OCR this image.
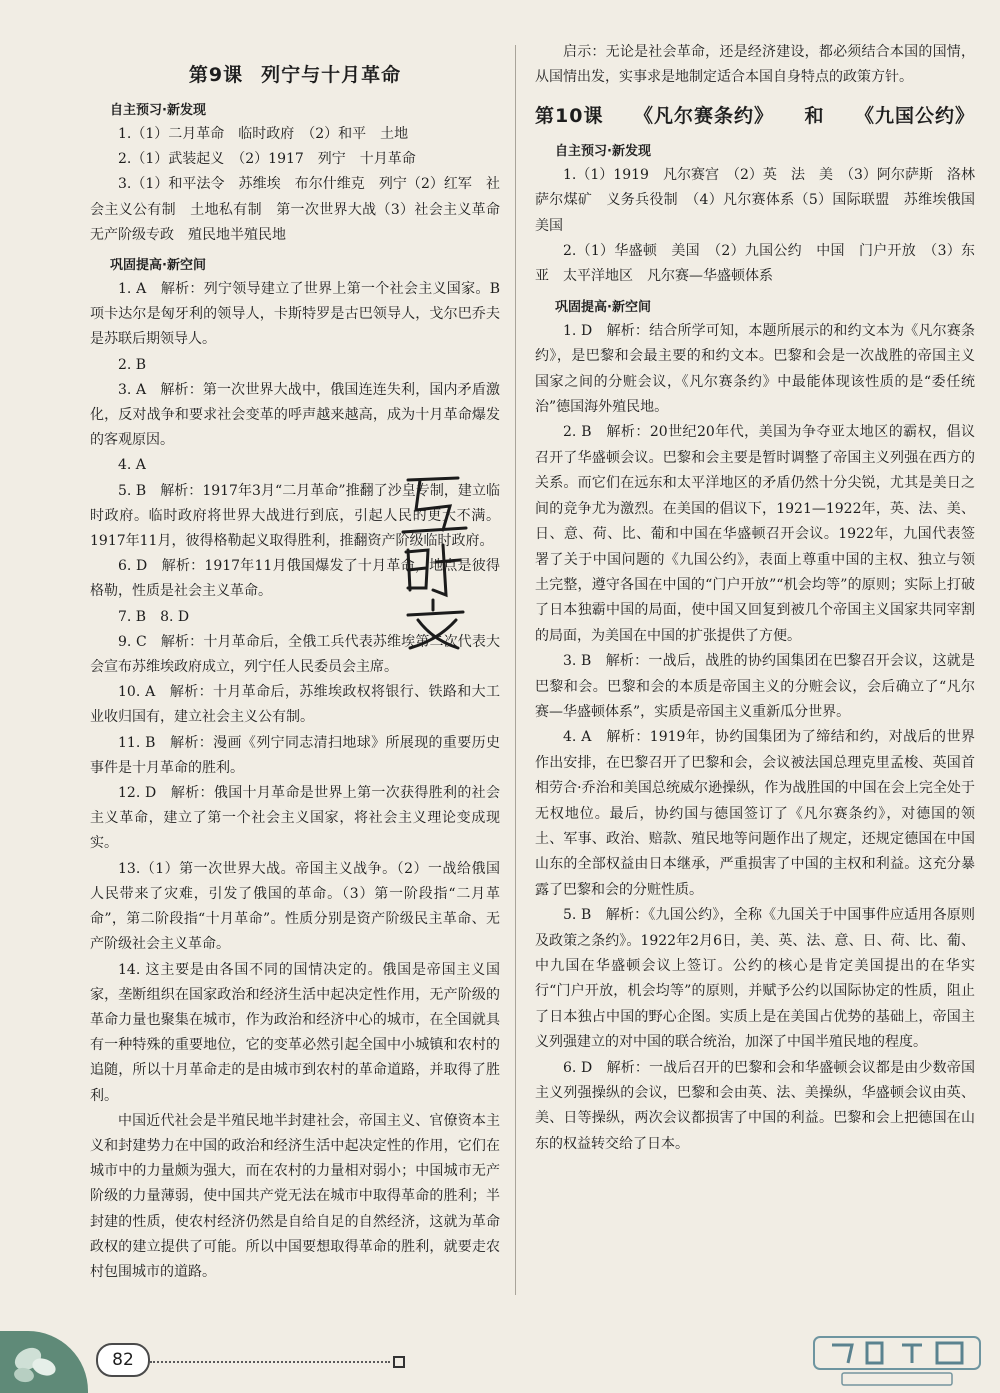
第9课 列宁与十月革命
自主预习·新发现

1.（1）二月革命　临时政府　（2）和平　土地

2.（1）武装起义　（2）1917　列宁　十月革命

3.（1）和平法令　苏维埃　布尔什维克　列宁（2）红军　社会主义公有制　土地私有制　第一次世界大战（3）社会主义革命　无产阶级专政　殖民地半殖民地

巩固提高·新空间

1. A　解析：列宁领导建立了世界上第一个社会主义国家。B项卡达尔是匈牙利的领导人，卡斯特罗是古巴领导人，戈尔巴乔夫是苏联后期领导人。

2. B

3. A　解析：第一次世界大战中，俄国连连失利，国内矛盾激化，反对战争和要求社会变革的呼声越来越高，成为十月革命爆发的客观原因。

4. A

5. B　解析：1917年3月“二月革命”推翻了沙皇专制，建立临时政府。临时政府将世界大战进行到底，引起人民的更大不满。1917年11月，彼得格勒起义取得胜利，推翻资产阶级临时政府。

6. D　解析：1917年11月俄国爆发了十月革命，地点是彼得格勒，性质是社会主义革命。

7. B　8. D

9. C　解析：十月革命后，全俄工兵代表苏维埃第二次代表大会宣布苏维埃政府成立，列宁任人民委员会主席。

10. A　解析：十月革命后，苏维埃政权将银行、铁路和大工业收归国有，建立社会主义公有制。

11. B　解析：漫画《列宁同志清扫地球》所展现的重要历史事件是十月革命的胜利。

12. D　解析：俄国十月革命是世界上第一次获得胜利的社会主义革命，建立了第一个社会主义国家，将社会主义理论变成现实。

13.（1）第一次世界大战。帝国主义战争。（2）一战给俄国人民带来了灾难，引发了俄国的革命。（3）第一阶段指“二月革命”，第二阶段指“十月革命”。性质分别是资产阶级民主革命、无产阶级社会主义革命。

14. 这主要是由各国不同的国情决定的。俄国是帝国主义国家，垄断组织在国家政治和经济生活中起决定性作用，无产阶级的革命力量也聚集在城市，作为政治和经济中心的城市，在全国就具有一种特殊的重要地位，它的变革必然引起全国中小城镇和农村的追随，所以十月革命走的是由城市到农村的革命道路，并取得了胜利。

中国近代社会是半殖民地半封建社会，帝国主义、官僚资本主义和封建势力在中国的政治和经济生活中起决定性的作用，它们在城市中的力量颇为强大，而在农村的力量相对弱小；中国城市无产阶级的力量薄弱，使中国共产党无法在城市中取得革命的胜利；半封建的性质，使农村经济仍然是自给自足的自然经济，这就为革命政权的建立提供了可能。所以中国要想取得革命的胜利，就要走农村包围城市的道路。

启示：无论是社会革命，还是经济建设，都必须结合本国的国情，从国情出发，实事求是地制定适合本国自身特点的政策方针。

第10课 《凡尔赛条约》 和 《九国公约》
自主预习·新发现

1.（1）1919　凡尔赛宫　（2）英　法　美　（3）阿尔萨斯　洛林　萨尔煤矿　义务兵役制　（4）凡尔赛体系（5）国际联盟　苏维埃俄国　美国

2.（1）华盛顿　美国　（2）九国公约　中国　门户开放　（3）东亚　太平洋地区　凡尔赛—华盛顿体系

巩固提高·新空间

1. D　解析：结合所学可知，本题所展示的和约文本为《凡尔赛条约》，是巴黎和会最主要的和约文本。巴黎和会是一次战胜的帝国主义国家之间的分赃会议，《凡尔赛条约》中最能体现该性质的是“委任统治”德国海外殖民地。

2. B　解析：20世纪20年代，美国为争夺亚太地区的霸权，倡议召开了华盛顿会议。巴黎和会主要是暂时调整了帝国主义列强在西方的关系。而它们在远东和太平洋地区的矛盾仍然十分尖锐，尤其是美日之间的竞争尤为激烈。在美国的倡议下，1921—1922年，英、法、美、日、意、荷、比、葡和中国在华盛顿召开会议。1922年，九国代表签署了关于中国问题的《九国公约》，表面上尊重中国的主权、独立与领土完整，遵守各国在中国的“门户开放”“机会均等”的原则；实际上打破了日本独霸中国的局面，使中国又回复到被几个帝国主义国家共同宰割的局面，为美国在中国的扩张提供了方便。

3. B　解析：一战后，战胜的协约国集团在巴黎召开会议，这就是巴黎和会。巴黎和会的本质是帝国主义的分赃会议，会后确立了“凡尔赛—华盛顿体系”，实质是帝国主义重新瓜分世界。

4. A　解析：1919年，协约国集团为了缔结和约，对战后的世界作出安排，在巴黎召开了巴黎和会，会议被法国总理克里孟梭、英国首相劳合·乔治和美国总统威尔逊操纵，作为战胜国的中国在会上完全处于无权地位。最后，协约国与德国签订了《凡尔赛条约》，对德国的领土、军事、政治、赔款、殖民地等问题作出了规定，还规定德国在中国山东的全部权益由日本继承，严重损害了中国的主权和利益。这充分暴露了巴黎和会的分赃性质。

5. B　解析：《九国公约》，全称《九国关于中国事件应适用各原则及政策之条约》。1922年2月6日，美、英、法、意、日、荷、比、葡、中九国在华盛顿会议上签订。公约的核心是肯定美国提出的在华实行“门户开放，机会均等”的原则，并赋予公约以国际协定的性质，阻止了日本独占中国的野心企图。实质上是在美国占优势的基础上，帝国主义列强建立的对中国的联合统治，加深了中国半殖民地的程度。

6. D　解析：一战后召开的巴黎和会和华盛顿会议都是由少数帝国主义列强操纵的会议，巴黎和会由英、法、美操纵，华盛顿会议由英、美、日等操纵，两次会议都损害了中国的利益。巴黎和会上把德国在山东的权益转交给了日本。

82
